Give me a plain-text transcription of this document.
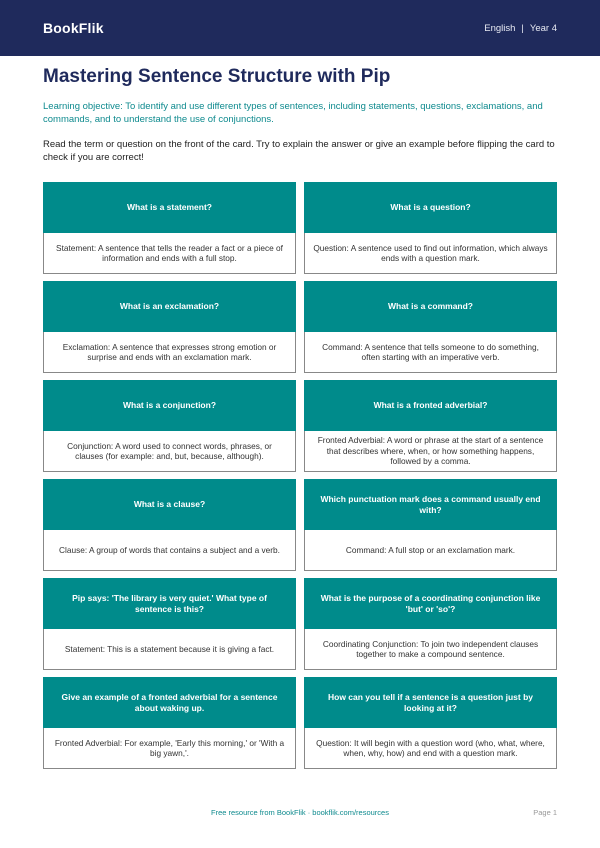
BookFlik	English | Year 4
Mastering Sentence Structure with Pip

Learning objective: To identify and use different types of sentences, including statements, questions, exclamations, and commands, and to understand the use of conjunctions.

Read the term or question on the front of the card. Try to explain the answer or give an example before flipping the card to check if you are correct!

What is a statement?
Statement: A sentence that tells the reader a fact or a piece of information and ends with a full stop.
What is a question?
Question: A sentence used to find out information, which always ends with a question mark.
What is an exclamation?
Exclamation: A sentence that expresses strong emotion or surprise and ends with an exclamation mark.
What is a command?
Command: A sentence that tells someone to do something, often starting with an imperative verb.
What is a conjunction?
Conjunction: A word used to connect words, phrases, or clauses (for example: and, but, because, although).
What is a fronted adverbial?
Fronted Adverbial: A word or phrase at the start of a sentence that describes where, when, or how something happens, followed by a comma.
What is a clause?
Clause: A group of words that contains a subject and a verb.
Which punctuation mark does a command usually end with?
Command: A full stop or an exclamation mark.
Pip says: 'The library is very quiet.' What type of sentence is this?
Statement: This is a statement because it is giving a fact.
What is the purpose of a coordinating conjunction like 'but' or 'so'?
Coordinating Conjunction: To join two independent clauses together to make a compound sentence.
Give an example of a fronted adverbial for a sentence about waking up.
Fronted Adverbial: For example, 'Early this morning,' or 'With a big yawn,'.
How can you tell if a sentence is a question just by looking at it?
Question: It will begin with a question word (who, what, where, when, why, how) and end with a question mark.
Free resource from BookFlik · bookflik.com/resources	Page 1
